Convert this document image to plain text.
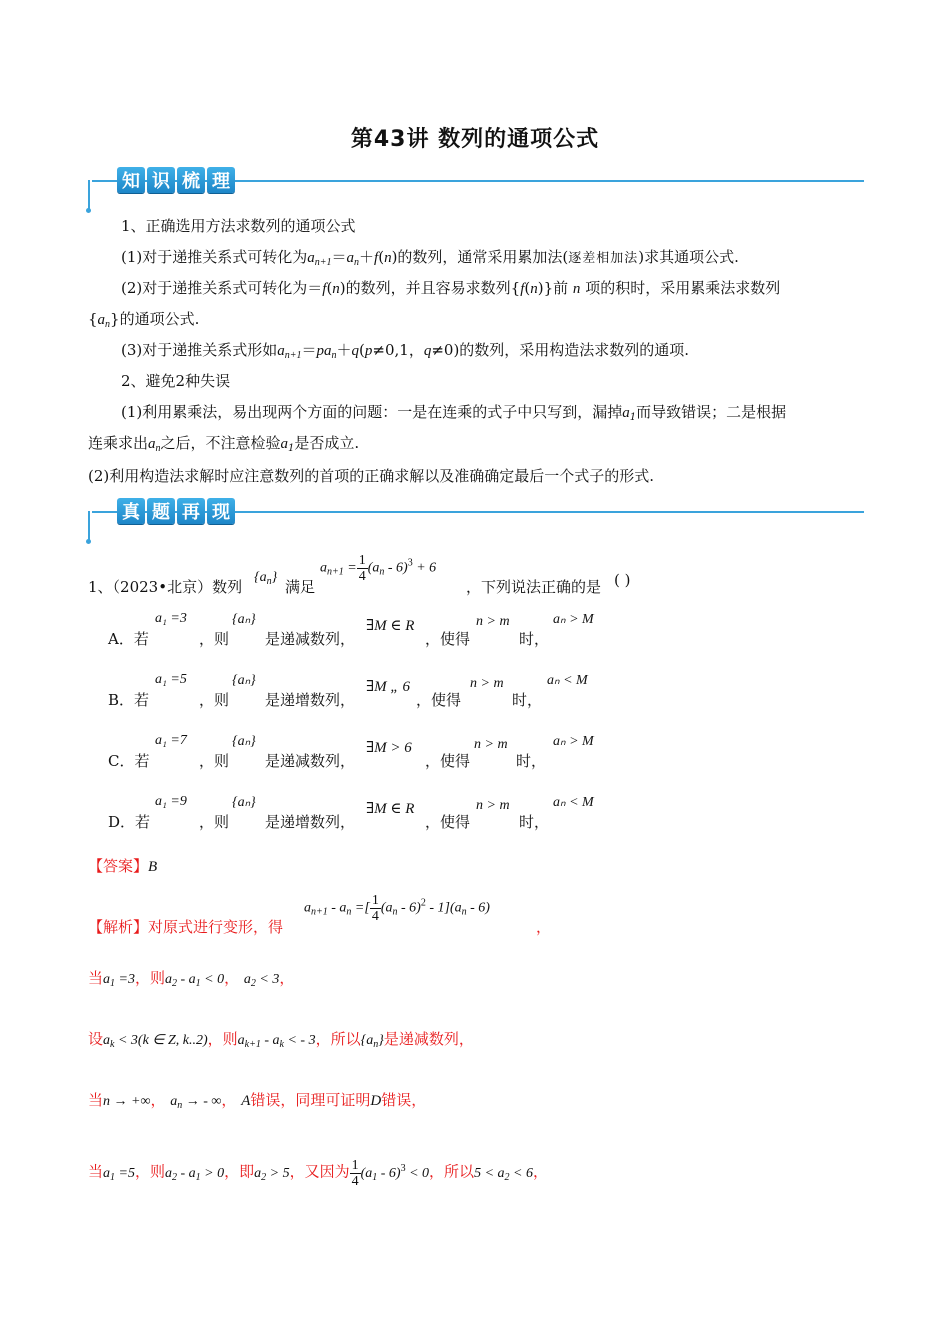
第43讲 数列的通项公式
知 识 梳 理
1、正确选用方法求数列的通项公式
(1)对于递推关系式可转化为$a_{n+1}=a_n+f(n)$的数列，通常采用累加法(逐差相加法)求其通项公式.
(2)对于递推关系式可转化为＝f(n)的数列，并且容易求数列{f(n)}前 n 项的积时，采用累乘法求数列
$\{a_n\}$的通项公式.
(3)对于递推关系式形如$a_{n+1}=pa_n+q(p\ne 0,1$，q≠0)的数列，采用构造法求数列的通项.
2、避免2种失误
(1)利用累乘法，易出现两个方面的问题：一是在连乘的式子中只写到，漏掉$a_1$而导致错误；二是根据
连乘求出$a_n$之后，不注意检验$a_1$是否成立.
(2)利用构造法求解时应注意数列的首项的正确求解以及准确确定最后一个式子的形式.
真 题 再 现
1、（2023•北京）数列
$\{a_n\}$
满足
$a_{n+1} = \frac{1}{4} (a_n - 6)^3 + 6$
，下列说法正确的是 ( )
A．若
a₁ =3
，则
{aₙ}
是递减数列，
∃M ∈ R
，使得
n > m
时，
aₙ > M
B．若
a₁ =5
，则
{aₙ}
是递增数列，
∃M „ 6
，使得
n > m
时，
aₙ < M
C．若
a₁ =7
，则
{aₙ}
是递减数列，
∃M > 6
，使得
n > m
时，
aₙ > M
D．若
a₁ =9
，则
{aₙ}
是递增数列，
∃M ∈ R
，使得
n > m
时，
aₙ < M
【答案】B
【解析】对原式进行变形，得
$a_{n+1} - a_n$ =[ $\frac{1}{4} (a_n - 6)^2 - 1](a_n - 6)$
，
当$a_1 =3$，则$a_2 - a_1 < 0$， $a_2 < 3$，
设$a_k < 3(k$ ∈ Z, k..2)，则$a_{k+1} - a_k$ < - 3，所以$\{a_n\}$是递减数列，
当n → +∞， $a_n$ → - ∞， A错误，同理可证明D错误，
当$a_1 =5$，则$a_2 - a_1 > 0$，即$a_2 > 5$，又因为 $\frac{1}{4} (a_1 - 6)^3 < 0$，所以$5 < a_2 < 6$，
